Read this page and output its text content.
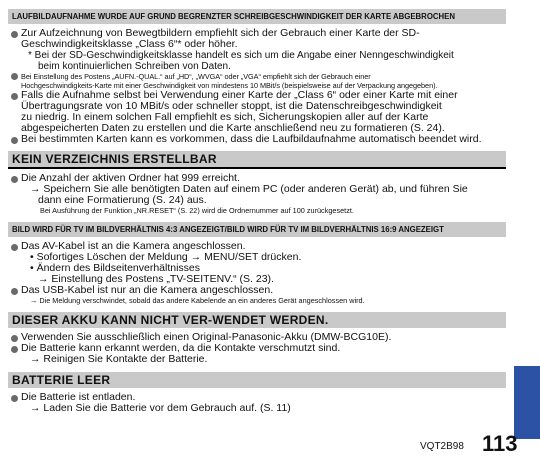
LAUFBILDAUFNAHME WURDE AUF GRUND BEGRENZTER SCHREIBGESCHWINDIGKEIT DER KARTE ABGEBROCHEN
Zur Aufzeichnung von Bewegtbildern empfiehlt sich der Gebrauch einer Karte der SD-
Geschwindigkeitsklasse „Class 6“* oder höher.
* Bei der SD-Geschwindigkeitsklasse handelt es sich um die Angabe einer Nenngeschwindigkeit
beim kontinuierlichen Schreiben von Daten.
Bei Einstellung des Postens „AUFN.-QUAL.“ auf „HD“, „WVGA“ oder „VGA“ empfiehlt sich der Gebrauch einer
Hochgeschwindigkeits-Karte mit einer Geschwindigkeit von mindestens 10 MBit/s (beispielsweise auf der Verpackung angegeben).
Falls die Aufnahme selbst bei Verwendung einer Karte der „Class 6“ oder einer Karte mit einer
Übertragungsrate von 10 MBit/s oder schneller stoppt, ist die Datenschreibgeschwindigkeit
zu niedrig. In einem solchen Fall empfiehlt es sich, Sicherungskopien aller auf der Karte
abgespeicherten Daten zu erstellen und die Karte anschließend neu zu formatieren (S. 24).
Bei bestimmten Karten kann es vorkommen, dass die Laufbildaufnahme automatisch beendet wird.
KEIN VERZEICHNIS ERSTELLBAR
Die Anzahl der aktiven Ordner hat 999 erreicht.
→ Speichern Sie alle benötigten Daten auf einem PC (oder anderen Gerät) ab, und führen Sie
dann eine Formatierung (S. 24) aus.
Bei Ausführung der Funktion „NR.RESET“ (S. 22) wird die Ordnernummer auf 100 zurückgesetzt.
BILD WIRD FÜR TV IM BILDVERHÄLTNIS 4:3 ANGEZEIGT/BILD WIRD FÜR TV IM BILDVERHÄLTNIS 16:9 ANGEZEIGT
Das AV-Kabel ist an die Kamera angeschlossen.
• Sofortiges Löschen der Meldung → MENU/SET drücken.
• Ändern des Bildseitenverhältnisses
→ Einstellung des Postens „TV-SEITENV.“ (S. 23).
Das USB-Kabel ist nur an die Kamera angeschlossen.
→ Die Meldung verschwindet, sobald das andere Kabelende an ein anderes Gerät angeschlossen wird.
DIESER AKKU KANN NICHT VER-WENDET WERDEN.
Verwenden Sie ausschließlich einen Original-Panasonic-Akku (DMW-BCG10E).
Die Batterie kann erkannt werden, da die Kontakte verschmutzt sind.
→ Reinigen Sie Kontakte der Batterie.
BATTERIE LEER
Die Batterie ist entladen.
→ Laden Sie die Batterie vor dem Gebrauch auf. (S. 11)
VQT2B98 113
